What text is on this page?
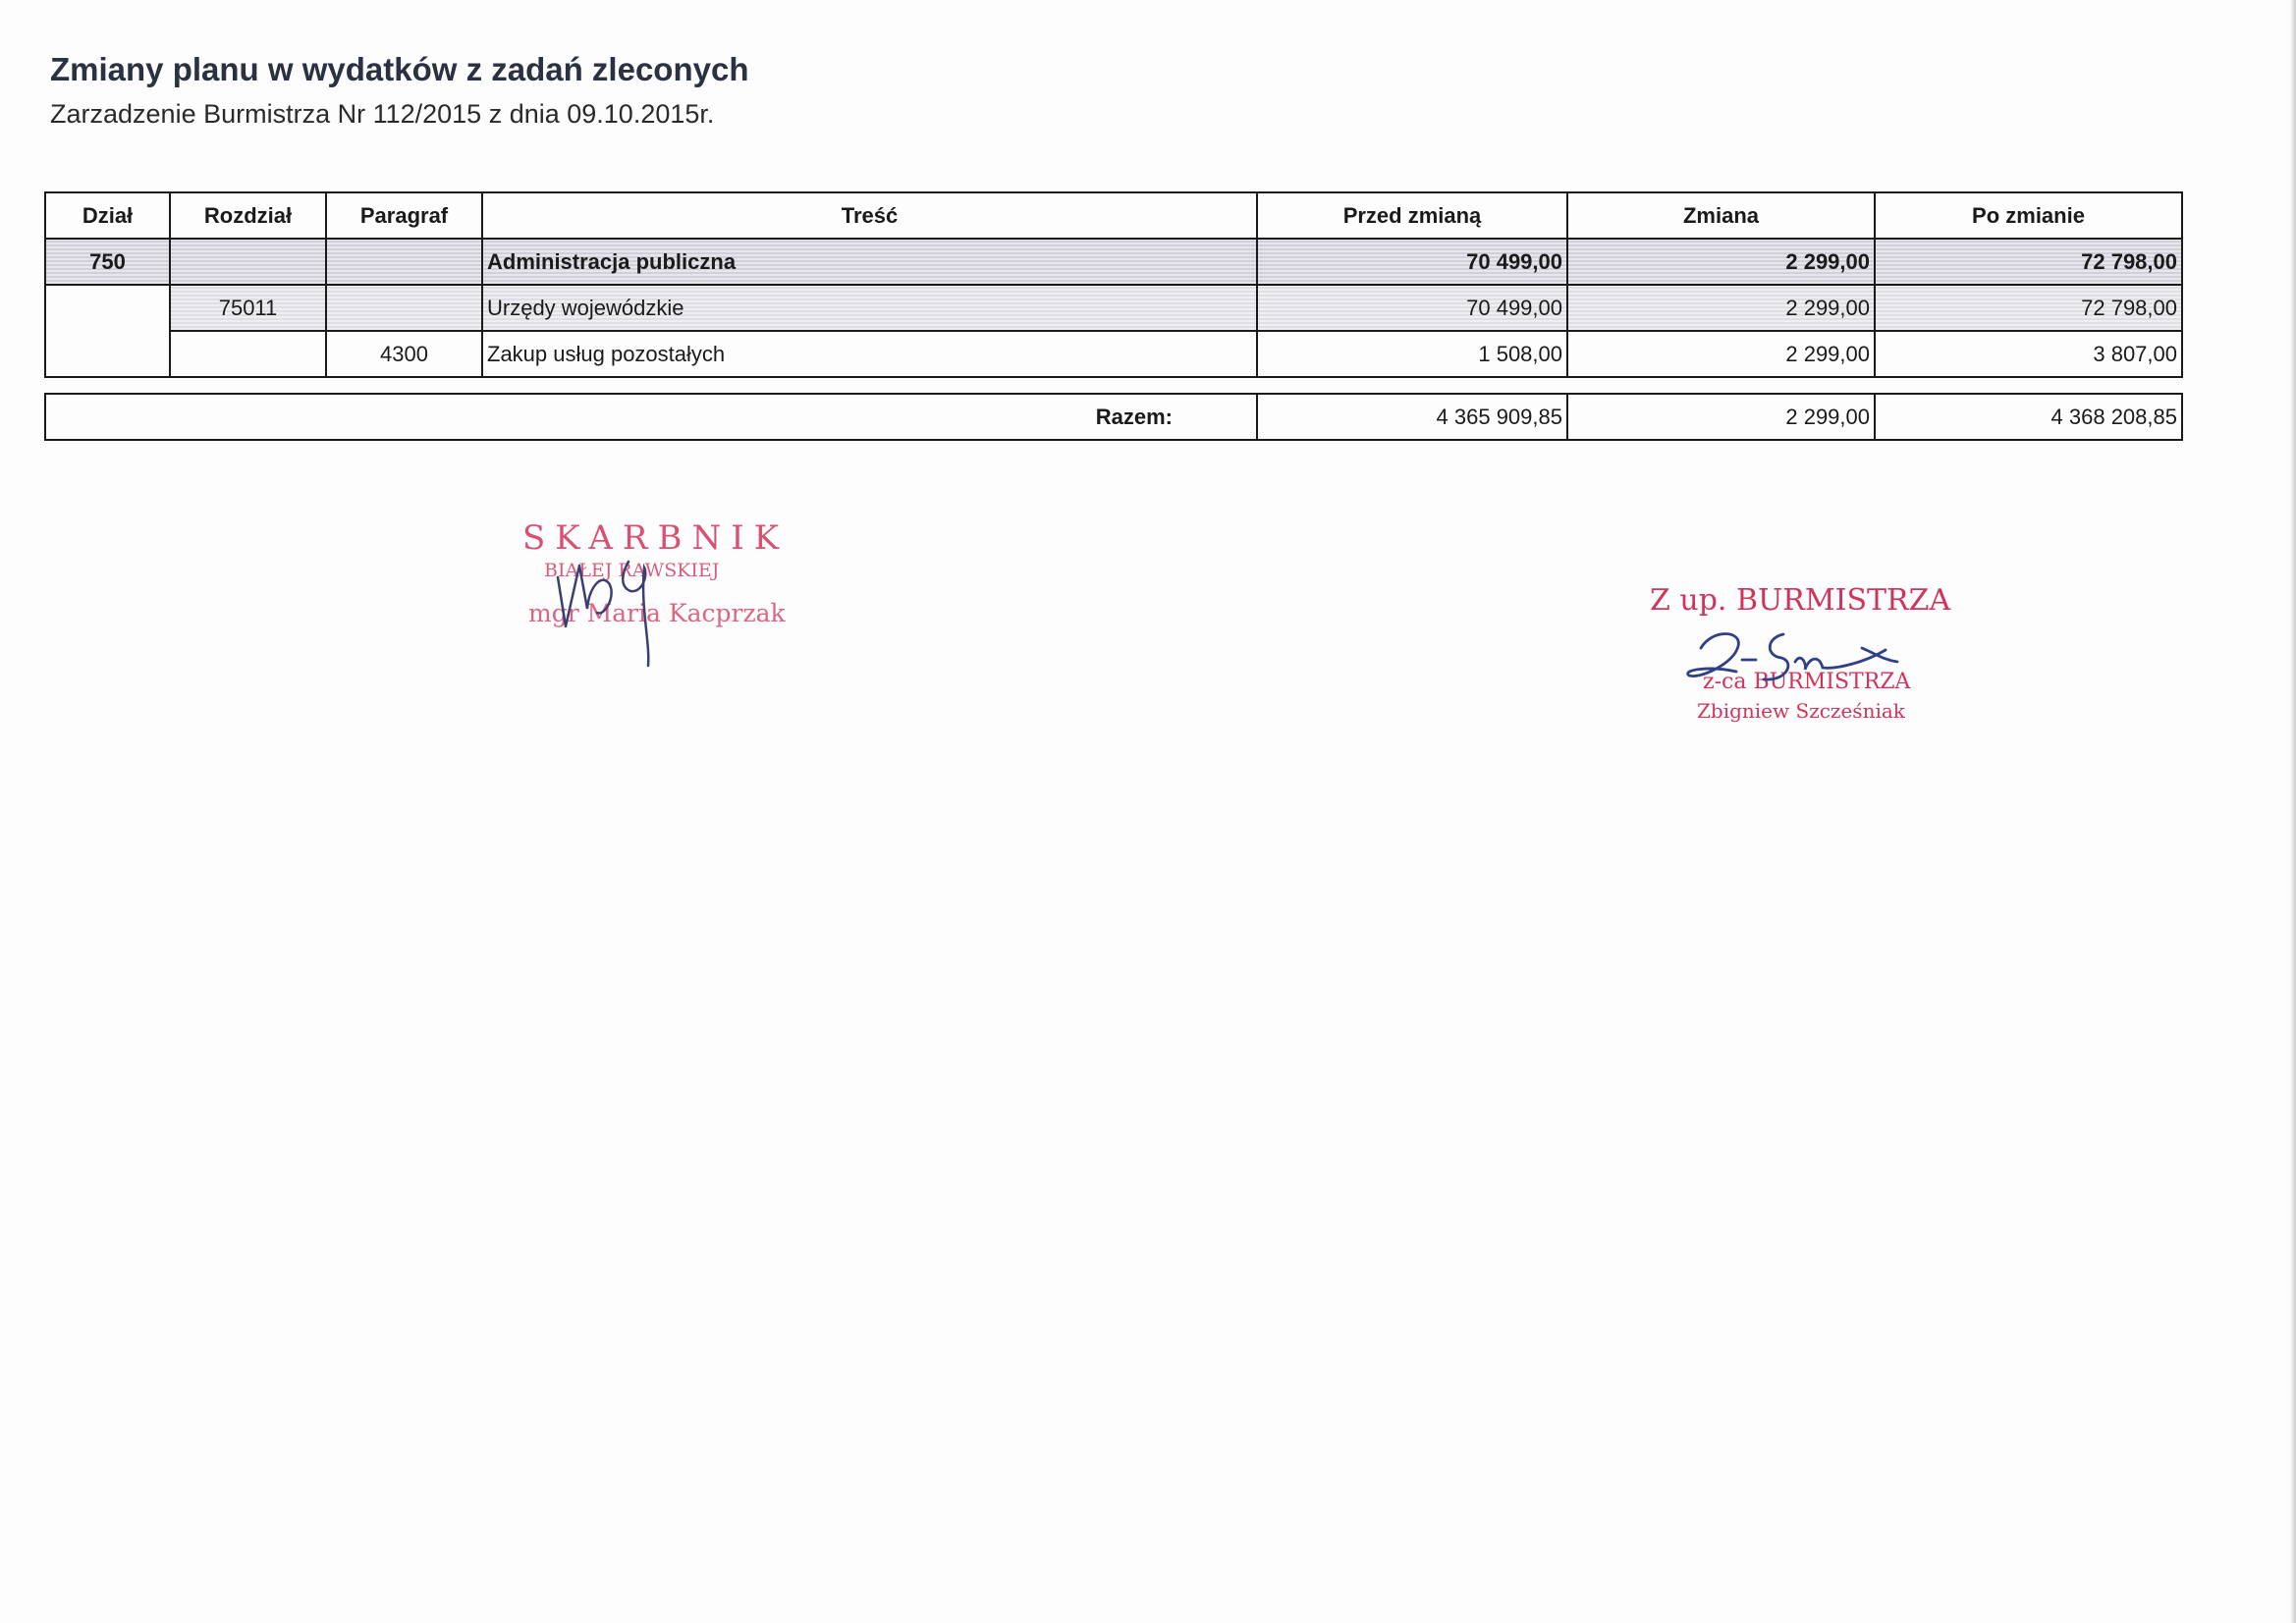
Zmiany planu w wydatków z zadań zleconych

Zarzadzenie Burmistrza Nr 112/2015 z dnia 09.10.2015r.

Dział	Rozdział	Paragraf	Treść	Przed zmianą	Zmiana	Po zmianie
750			Administracja publiczna	70 499,00	2 299,00	72 798,00
	75011		Urzędy wojewódzkie	70 499,00	2 299,00	72 798,00
		4300	Zakup usług pozostałych	1 508,00	2 299,00	3 807,00
Razem:	4 365 909,85	2 299,00	4 368 208,85
SKARBNIK
BIAŁEJ RAWSKIEJ
mgr Maria Kacprzak	Z up. BURMISTRZA
z-ca BURMISTRZA
Zbigniew Szcześniak
